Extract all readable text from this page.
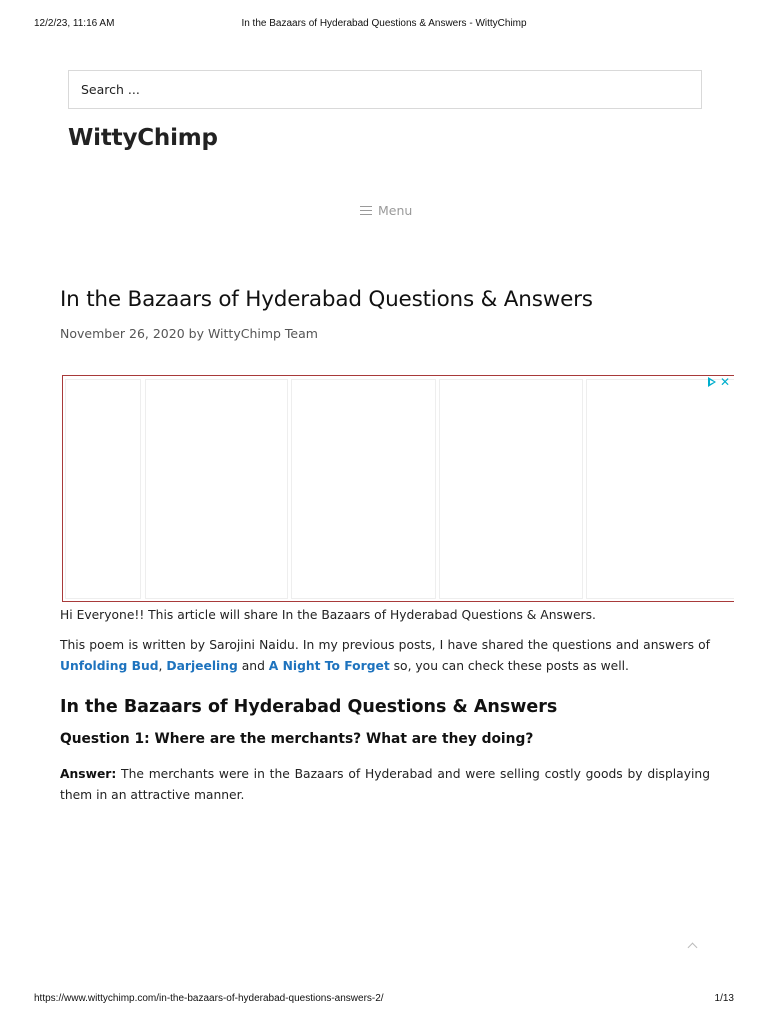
12/2/23, 11:16 AM	In the Bazaars of Hyderabad Questions & Answers - WittyChimp
Search ...
WittyChimp
Menu
In the Bazaars of Hyderabad Questions & Answers
November 26, 2020 by WittyChimp Team
✕

Hi Everyone!! This article will share In the Bazaars of Hyderabad Questions & Answers.

This poem is written by Sarojini Naidu. In my previous posts, I have shared the questions and answers of Unfolding Bud, Darjeeling and A Night To Forget so, you can check these posts as well.

In the Bazaars of Hyderabad Questions & Answers
Question 1: Where are the merchants? What are they doing?

Answer: The merchants were in the Bazaars of Hyderabad and were selling costly goods by displaying them in an attractive manner.

https://www.wittychimp.com/in-the-bazaars-of-hyderabad-questions-answers-2/	1/13
